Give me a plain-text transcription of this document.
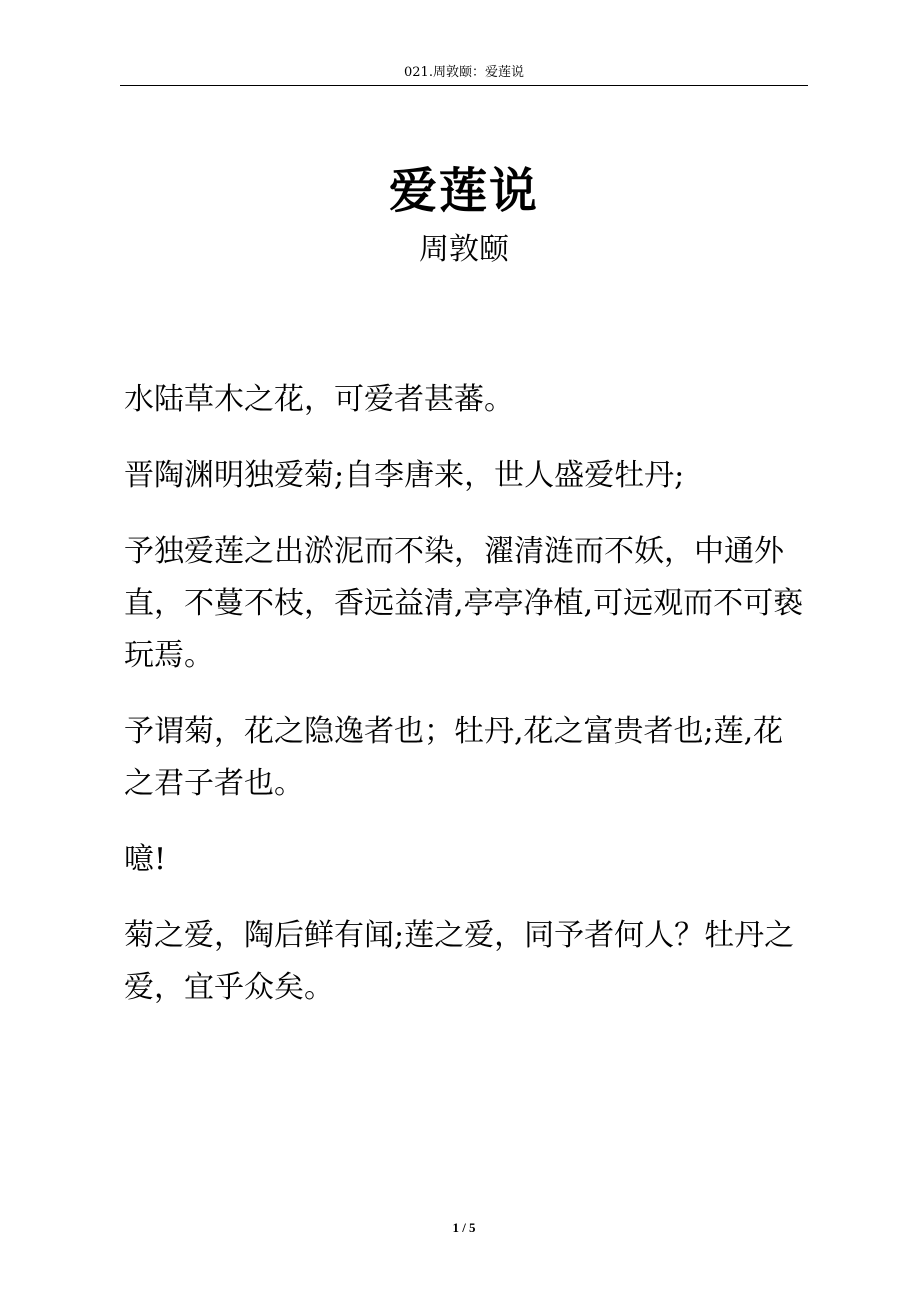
021.周敦颐：爱莲说
爱莲说
周敦颐

水陆草木之花，可爱者甚蕃。

晋陶渊明独爱菊;自李唐来，世人盛爱牡丹;

予独爱莲之出淤泥而不染，濯清涟而不妖，中通外直，不蔓不枝，香远益清,亭亭净植,可远观而不可亵玩焉。

予谓菊，花之隐逸者也；牡丹,花之富贵者也;莲,花之君子者也。

噫!

菊之爱，陶后鲜有闻;莲之爱，同予者何人？牡丹之爱，宜乎众矣。

1 / 5
